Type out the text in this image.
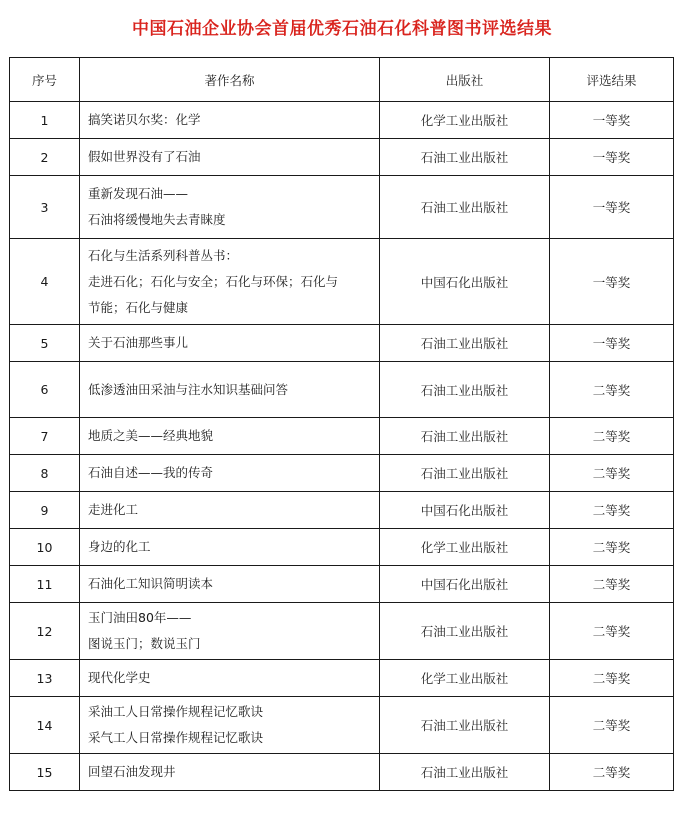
中国石油企业协会首届优秀石油石化科普图书评选结果
序号	著作名称	出版社	评选结果
1	搞笑诺贝尔奖：化学	化学工业出版社	一等奖
2	假如世界没有了石油	石油工业出版社	一等奖
3	重新发现石油——
石油将缓慢地失去青睐度	石油工业出版社	一等奖
4	石化与生活系列科普丛书：
走进石化；石化与安全；石化与环保；石化与
节能；石化与健康	中国石化出版社	一等奖
5	关于石油那些事儿	石油工业出版社	一等奖
6	低渗透油田采油与注水知识基础问答	石油工业出版社	二等奖
7	地质之美——经典地貌	石油工业出版社	二等奖
8	石油自述——我的传奇	石油工业出版社	二等奖
9	走进化工	中国石化出版社	二等奖
10	身边的化工	化学工业出版社	二等奖
11	石油化工知识简明读本	中国石化出版社	二等奖
12	玉门油田80年——
图说玉门；数说玉门	石油工业出版社	二等奖
13	现代化学史	化学工业出版社	二等奖
14	采油工人日常操作规程记忆歌诀
采气工人日常操作规程记忆歌诀	石油工业出版社	二等奖
15	回望石油发现井	石油工业出版社	二等奖
